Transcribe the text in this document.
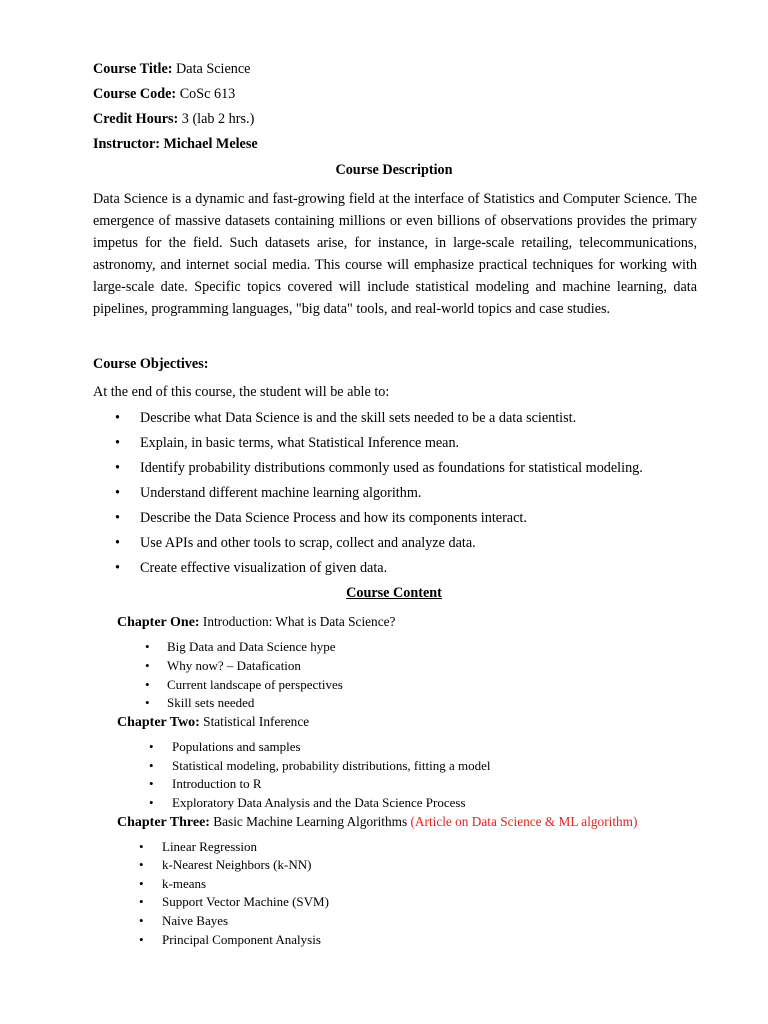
Course Title: Data Science
Course Code: CoSc 613
Credit Hours: 3 (lab 2 hrs.)
Instructor: Michael Melese
Course Description
Data Science is a dynamic and fast-growing field at the interface of Statistics and Computer Science. The emergence of massive datasets containing millions or even billions of observations provides the primary impetus for the field. Such datasets arise, for instance, in large-scale retailing, telecommunications, astronomy, and internet social media. This course will emphasize practical techniques for working with large-scale date. Specific topics covered will include statistical modeling and machine learning, data pipelines, programming languages, "big data" tools, and real-world topics and case studies.
Course Objectives:
At the end of this course, the student will be able to:
• Describe what Data Science is and the skill sets needed to be a data scientist.
• Explain, in basic terms, what Statistical Inference mean.
• Identify probability distributions commonly used as foundations for statistical modeling.
• Understand different machine learning algorithm.
• Describe the Data Science Process and how its components interact.
• Use APIs and other tools to scrap, collect and analyze data.
• Create effective visualization of given data.
Course Content
Chapter One: Introduction: What is Data Science?
• Big Data and Data Science hype
• Why now? – Datafication
• Current landscape of perspectives
• Skill sets needed
Chapter Two: Statistical Inference
• Populations and samples
• Statistical modeling, probability distributions, fitting a model
• Introduction to R
• Exploratory Data Analysis and the Data Science Process
Chapter Three: Basic Machine Learning Algorithms (Article on Data Science & ML algorithm)
• Linear Regression
• k-Nearest Neighbors (k-NN)
• k-means
• Support Vector Machine (SVM)
• Naive Bayes
• Principal Component Analysis
